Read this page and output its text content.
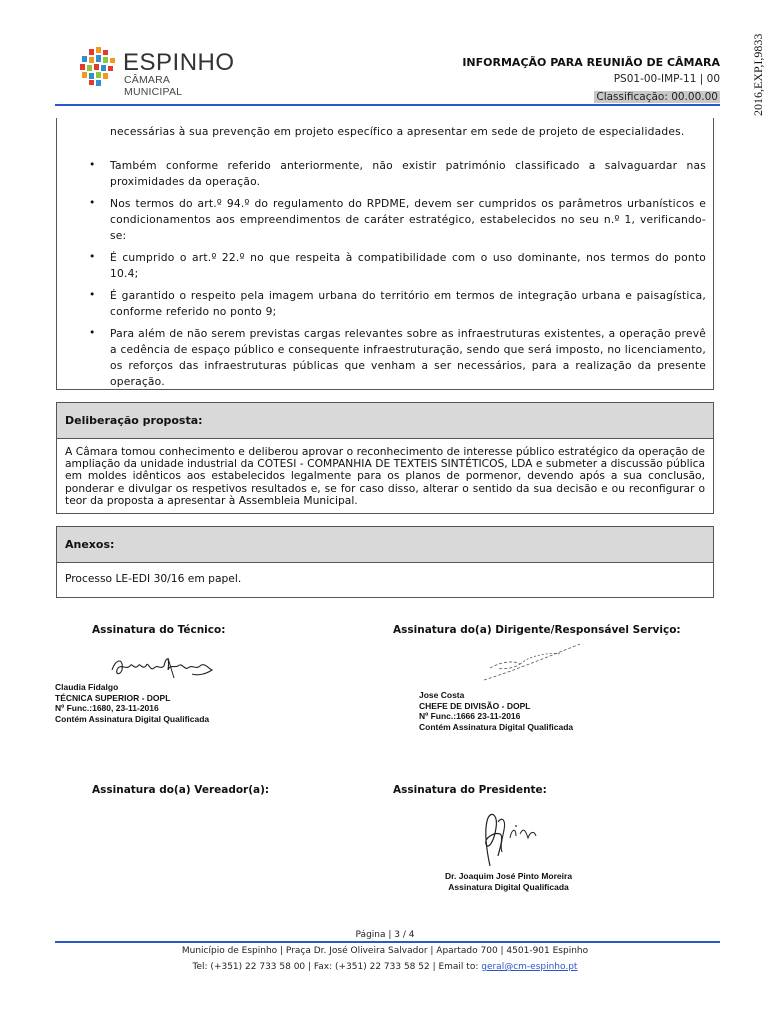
2016,EXP,I,9833
ESPINHO
CÂMARA MUNICIPAL
INFORMAÇÃO PARA REUNIÃO DE CÂMARA
PS01-00-IMP-11 | 00
Classificação: 00.00.00
necessárias à sua prevenção em projeto específico a apresentar em sede de projeto de especialidades.
• Também conforme referido anteriormente, não existir património classificado a salvaguardar nas proximidades da operação.
• Nos termos do art.º 94.º do regulamento do RPDME, devem ser cumpridos os parâmetros urbanísticos e condicionamentos aos empreendimentos de caráter estratégico, estabelecidos no seu n.º 1, verificando-se:
• É cumprido o art.º 22.º no que respeita à compatibilidade com o uso dominante, nos termos do ponto 10.4;
• É garantido o respeito pela imagem urbana do território em termos de integração urbana e paisagística, conforme referido no ponto 9;
• Para além de não serem previstas cargas relevantes sobre as infraestruturas existentes, a operação prevê a cedência de espaço público e consequente infraestruturação, sendo que será imposto, no licenciamento, os reforços das infraestruturas públicas que venham a ser necessários, para a realização da presente operação.
Deliberação proposta:
A Câmara tomou conhecimento e deliberou aprovar o reconhecimento de interesse público estratégico da operação de ampliação da unidade industrial da COTESI - COMPANHIA DE TEXTEIS SINTÉTICOS, LDA e submeter a discussão pública em moldes idênticos aos estabelecidos legalmente para os planos de pormenor, devendo após a sua conclusão, ponderar e divulgar os respetivos resultados e, se for caso disso, alterar o sentido da sua decisão e ou reconfigurar o teor da proposta a apresentar à Assembleia Municipal.
Anexos:
Processo LE-EDI 30/16 em papel.
Assinatura do Técnico:
Claudia Fidalgo
TÉCNICA SUPERIOR - DOPL
Nº Func.:1680, 23-11-2016
Contém Assinatura Digital Qualificada
Assinatura do(a) Dirigente/Responsável Serviço:
Jose Costa
CHEFE DE DIVISÃO - DOPL
Nº Func.:1666 23-11-2016
Contém Assinatura Digital Qualificada
Assinatura do(a) Vereador(a):	Assinatura do Presidente:
Dr. Joaquim José Pinto Moreira
Assinatura Digital Qualificada
Página | 3 / 4
Município de Espinho | Praça Dr. José Oliveira Salvador | Apartado 700 | 4501-901 Espinho
Tel: (+351) 22 733 58 00 | Fax: (+351) 22 733 58 52 | Email to: geral@cm-espinho.pt
